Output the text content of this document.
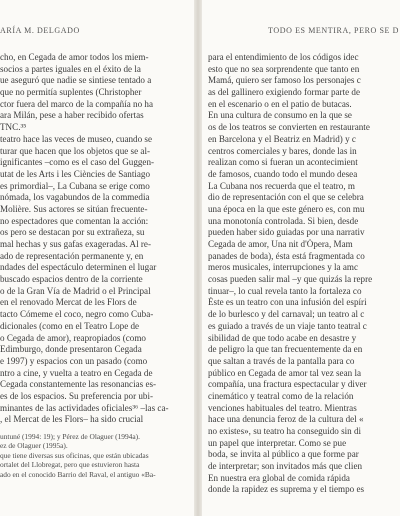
ARÍA M. DELGADO
cho, en Cegada de amor todos los miem-
socios a partes iguales en el éxito de la
ue aseguró que nadie se sintiese tentado a
que no permitía suplentes (Christopher
ctor fuera del marco de la compañía no ha
ara Milán, pese a haber recibido ofertas
TNC.³⁵
teatro hace las veces de museo, cuando se
turar que hacen que los objetos que se al-
ignificantes –como es el caso del Guggen-
utat de les Arts i les Ciències de Santiago
es primordial–, La Cubana se erige como
nómada, los vagabundos de la commedia
Molière. Sus actores se sitúan frecuente-
no espectadores que comentan la acción:
os pero se destacan por su extrañeza, su
mal hechas y sus gafas exageradas. Al re-
ado de representación permanente y, en
ndades del espectáculo determinen el lugar
buscado espacios dentro de la corriente
o de la Gran Vía de Madrid o el Principal
en el renovado Mercat de les Flors de
tacto Cómeme el coco, negro como Cuba-
dicionales (como en el Teatro Lope de
o Cegada de amor), reapropiados (como
Edimburgo, donde presentaron Cegada
e 1997) y espacios con un pasado (como
ntro a cine, y vuelta a teatro en Cegada de
Cegada constantemente las resonancias es-
es de los espacios. Su preferencia por ubi-
minantes de las actividades oficiales³⁶ –las ca-
, el Mercat de les Flors– ha sido crucial
untuné (1994: 19); y Pérez de Olaguer (1994a).
ez de Olaguer (1995a).
que tiene diversas sus oficinas, que están ubicadas
ortalet del Llobregat, pero que estuvieron hasta
ado en el conocido Barrio del Raval, el antiguo «Ba-
TODO ES MENTIRA, PERO SE D
para el entendimiento de los códigos idec
esto que no sea sorprendente que tanto en
Mamá, quiero ser famoso los personajes c
as del gallinero exigiendo formar parte de
en el escenario o en el patio de butacas.
En una cultura de consumo en la que se
os de los teatros se convierten en restaurante
en Barcelona y el Beatriz en Madrid) y c
centros comerciales y bares, donde las in
realizan como si fueran un acontecimient
de famosos, cuando todo el mundo desea
La Cubana nos recuerda que el teatro, m
dio de representación con el que se celebra
una época en la que este género es, con mu
una monotonía controlada. Si bien, desde
pueden haber sido guiadas por una narrativ
Cegada de amor, Una nit d'Òpera, Mam
panades de boda), ésta está fragmentada co
meros musicales, interrupciones y la amc
cosas pueden salir mal –y que quizás la repre
tinuar–, lo cual revela tanto la fortaleza co
Éste es un teatro con una infusión del espíri
de lo burlesco y del carnaval; un teatro al c
es guiado a través de un viaje tanto teatral c
sibilidad de que todo acabe en desastre y
de peligro la que tan frecuentemente da en
que saltan a través de la pantalla para co
público en Cegada de amor tal vez sean la
compañía, una fractura espectacular y diver
cinemático y teatral como de la relación
venciones habituales del teatro. Mientras
hace una denuncia feroz de la cultura del «
no existes», su teatro ha conseguido sin di
un papel que interpretar. Como se pue
boda, se invita al público a que forme par
de interpretar; son invitados más que clien
En nuestra era global de comida rápida
donde la rapidez es suprema y el tiempo es
